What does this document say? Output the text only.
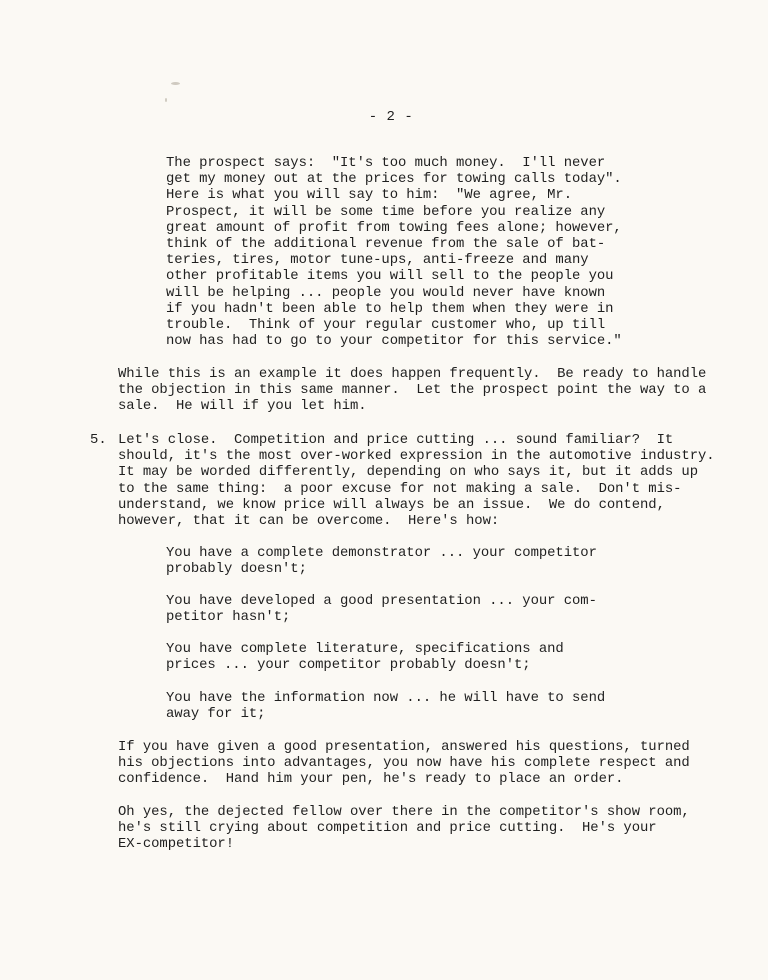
- 2 -
The prospect says:  "It's too much money.  I'll never
get my money out at the prices for towing calls today".
Here is what you will say to him:  "We agree, Mr.
Prospect, it will be some time before you realize any
great amount of profit from towing fees alone; however,
think of the additional revenue from the sale of bat-
teries, tires, motor tune-ups, anti-freeze and many
other profitable items you will sell to the people you
will be helping ... people you would never have known
if you hadn't been able to help them when they were in
trouble.  Think of your regular customer who, up till
now has had to go to your competitor for this service."
While this is an example it does happen frequently.  Be ready to handle
the objection in this same manner.  Let the prospect point the way to a
sale.  He will if you let him.
5. Let's close.  Competition and price cutting ... sound familiar?  It
should, it's the most over-worked expression in the automotive industry.
It may be worded differently, depending on who says it, but it adds up
to the same thing:  a poor excuse for not making a sale.  Don't mis-
understand, we know price will always be an issue.  We do contend,
however, that it can be overcome.  Here's how:
You have a complete demonstrator ... your competitor
probably doesn't;
You have developed a good presentation ... your com-
petitor hasn't;
You have complete literature, specifications and
prices ... your competitor probably doesn't;
You have the information now ... he will have to send
away for it;
If you have given a good presentation, answered his questions, turned
his objections into advantages, you now have his complete respect and
confidence.  Hand him your pen, he's ready to place an order.
Oh yes, the dejected fellow over there in the competitor's show room,
he's still crying about competition and price cutting.  He's your
EX-competitor!
